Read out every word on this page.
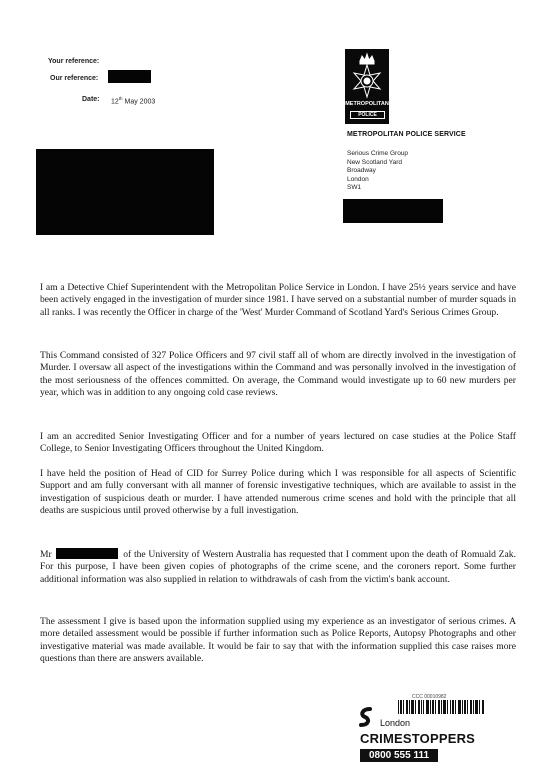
Your reference:
Our reference:
Date: 12th May 2003	METROPOLITAN
POLICE
METROPOLITAN POLICE SERVICE
Serious Crime Group
New Scotland Yard
Broadway
London
SW1

I am a Detective Chief Superintendent with the Metropolitan Police Service in London. I have 25½ years service and have been actively engaged in the investigation of murder since 1981. I have served on a substantial number of murder squads in all ranks. I was recently the Officer in charge of the 'West' Murder Command of Scotland Yard's Serious Crimes Group.

This Command consisted of 327 Police Officers and 97 civil staff all of whom are directly involved in the investigation of Murder. I oversaw all aspect of the investigations within the Command and was personally involved in the investigation of the most seriousness of the offences committed. On average, the Command would investigate up to 60 new murders per year, which was in addition to any ongoing cold case reviews.

I am an accredited Senior Investigating Officer and for a number of years lectured on case studies at the Police Staff College, to Senior Investigating Officers throughout the United Kingdom.

I have held the position of Head of CID for Surrey Police during which I was responsible for all aspects of Scientific Support and am fully conversant with all manner of forensic investigative techniques, which are available to assist in the investigation of suspicious death or murder. I have attended numerous crime scenes and hold with the principle that all deaths are suspicious until proved otherwise by a full investigation.

Mr	of the University of Western Australia has requested that I comment upon the death of Romuald Zak. For this purpose, I have been given copies of photographs of the crime scene, and the coroners report. Some further additional information was also supplied in relation to withdrawals of cash from the victim's bank account.

The assessment I give is based upon the information supplied using my experience as an investigator of serious crimes. A more detailed assessment would be possible if further information such as Police Reports, Autopsy Photographs and other investigative material was made available. It would be fair to say that with the information supplied this case raises more questions than there are answers available.

CCC 00010982
London
CRIMESTOPPERS
0800 555 111
